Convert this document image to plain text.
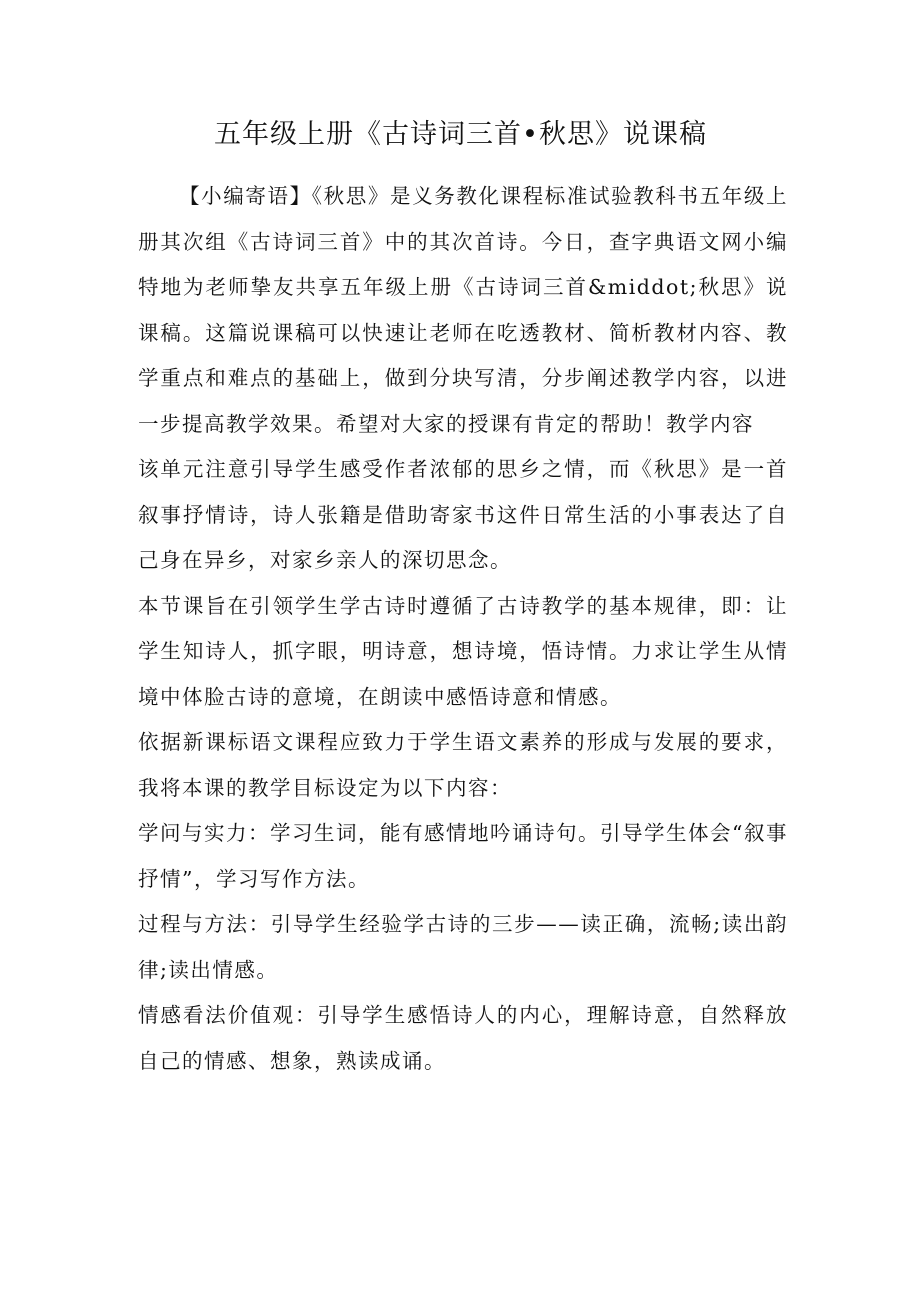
五年级上册《古诗词三首•秋思》说课稿

【小编寄语】《秋思》是义务教化课程标准试验教科书五年级上册其次组《古诗词三首》中的其次首诗。今日，查字典语文网小编特地为老师挚友共享五年级上册《古诗词三首&middot;秋思》说课稿。这篇说课稿可以快速让老师在吃透教材、简析教材内容、教学重点和难点的基础上，做到分块写清，分步阐述教学内容，以进一步提高教学效果。希望对大家的授课有肯定的帮助！教学内容

该单元注意引导学生感受作者浓郁的思乡之情，而《秋思》是一首叙事抒情诗，诗人张籍是借助寄家书这件日常生活的小事表达了自己身在异乡，对家乡亲人的深切思念。

本节课旨在引领学生学古诗时遵循了古诗教学的基本规律，即：让学生知诗人，抓字眼，明诗意，想诗境，悟诗情。力求让学生从情境中体脸古诗的意境，在朗读中感悟诗意和情感。

依据新课标语文课程应致力于学生语文素养的形成与发展的要求，我将本课的教学目标设定为以下内容：

学问与实力：学习生词，能有感情地吟诵诗句。引导学生体会“叙事抒情”，学习写作方法。

过程与方法：引导学生经验学古诗的三步——读正确，流畅;读出韵律;读出情感。

情感看法价值观：引导学生感悟诗人的内心，理解诗意，自然释放自己的情感、想象，熟读成诵。
